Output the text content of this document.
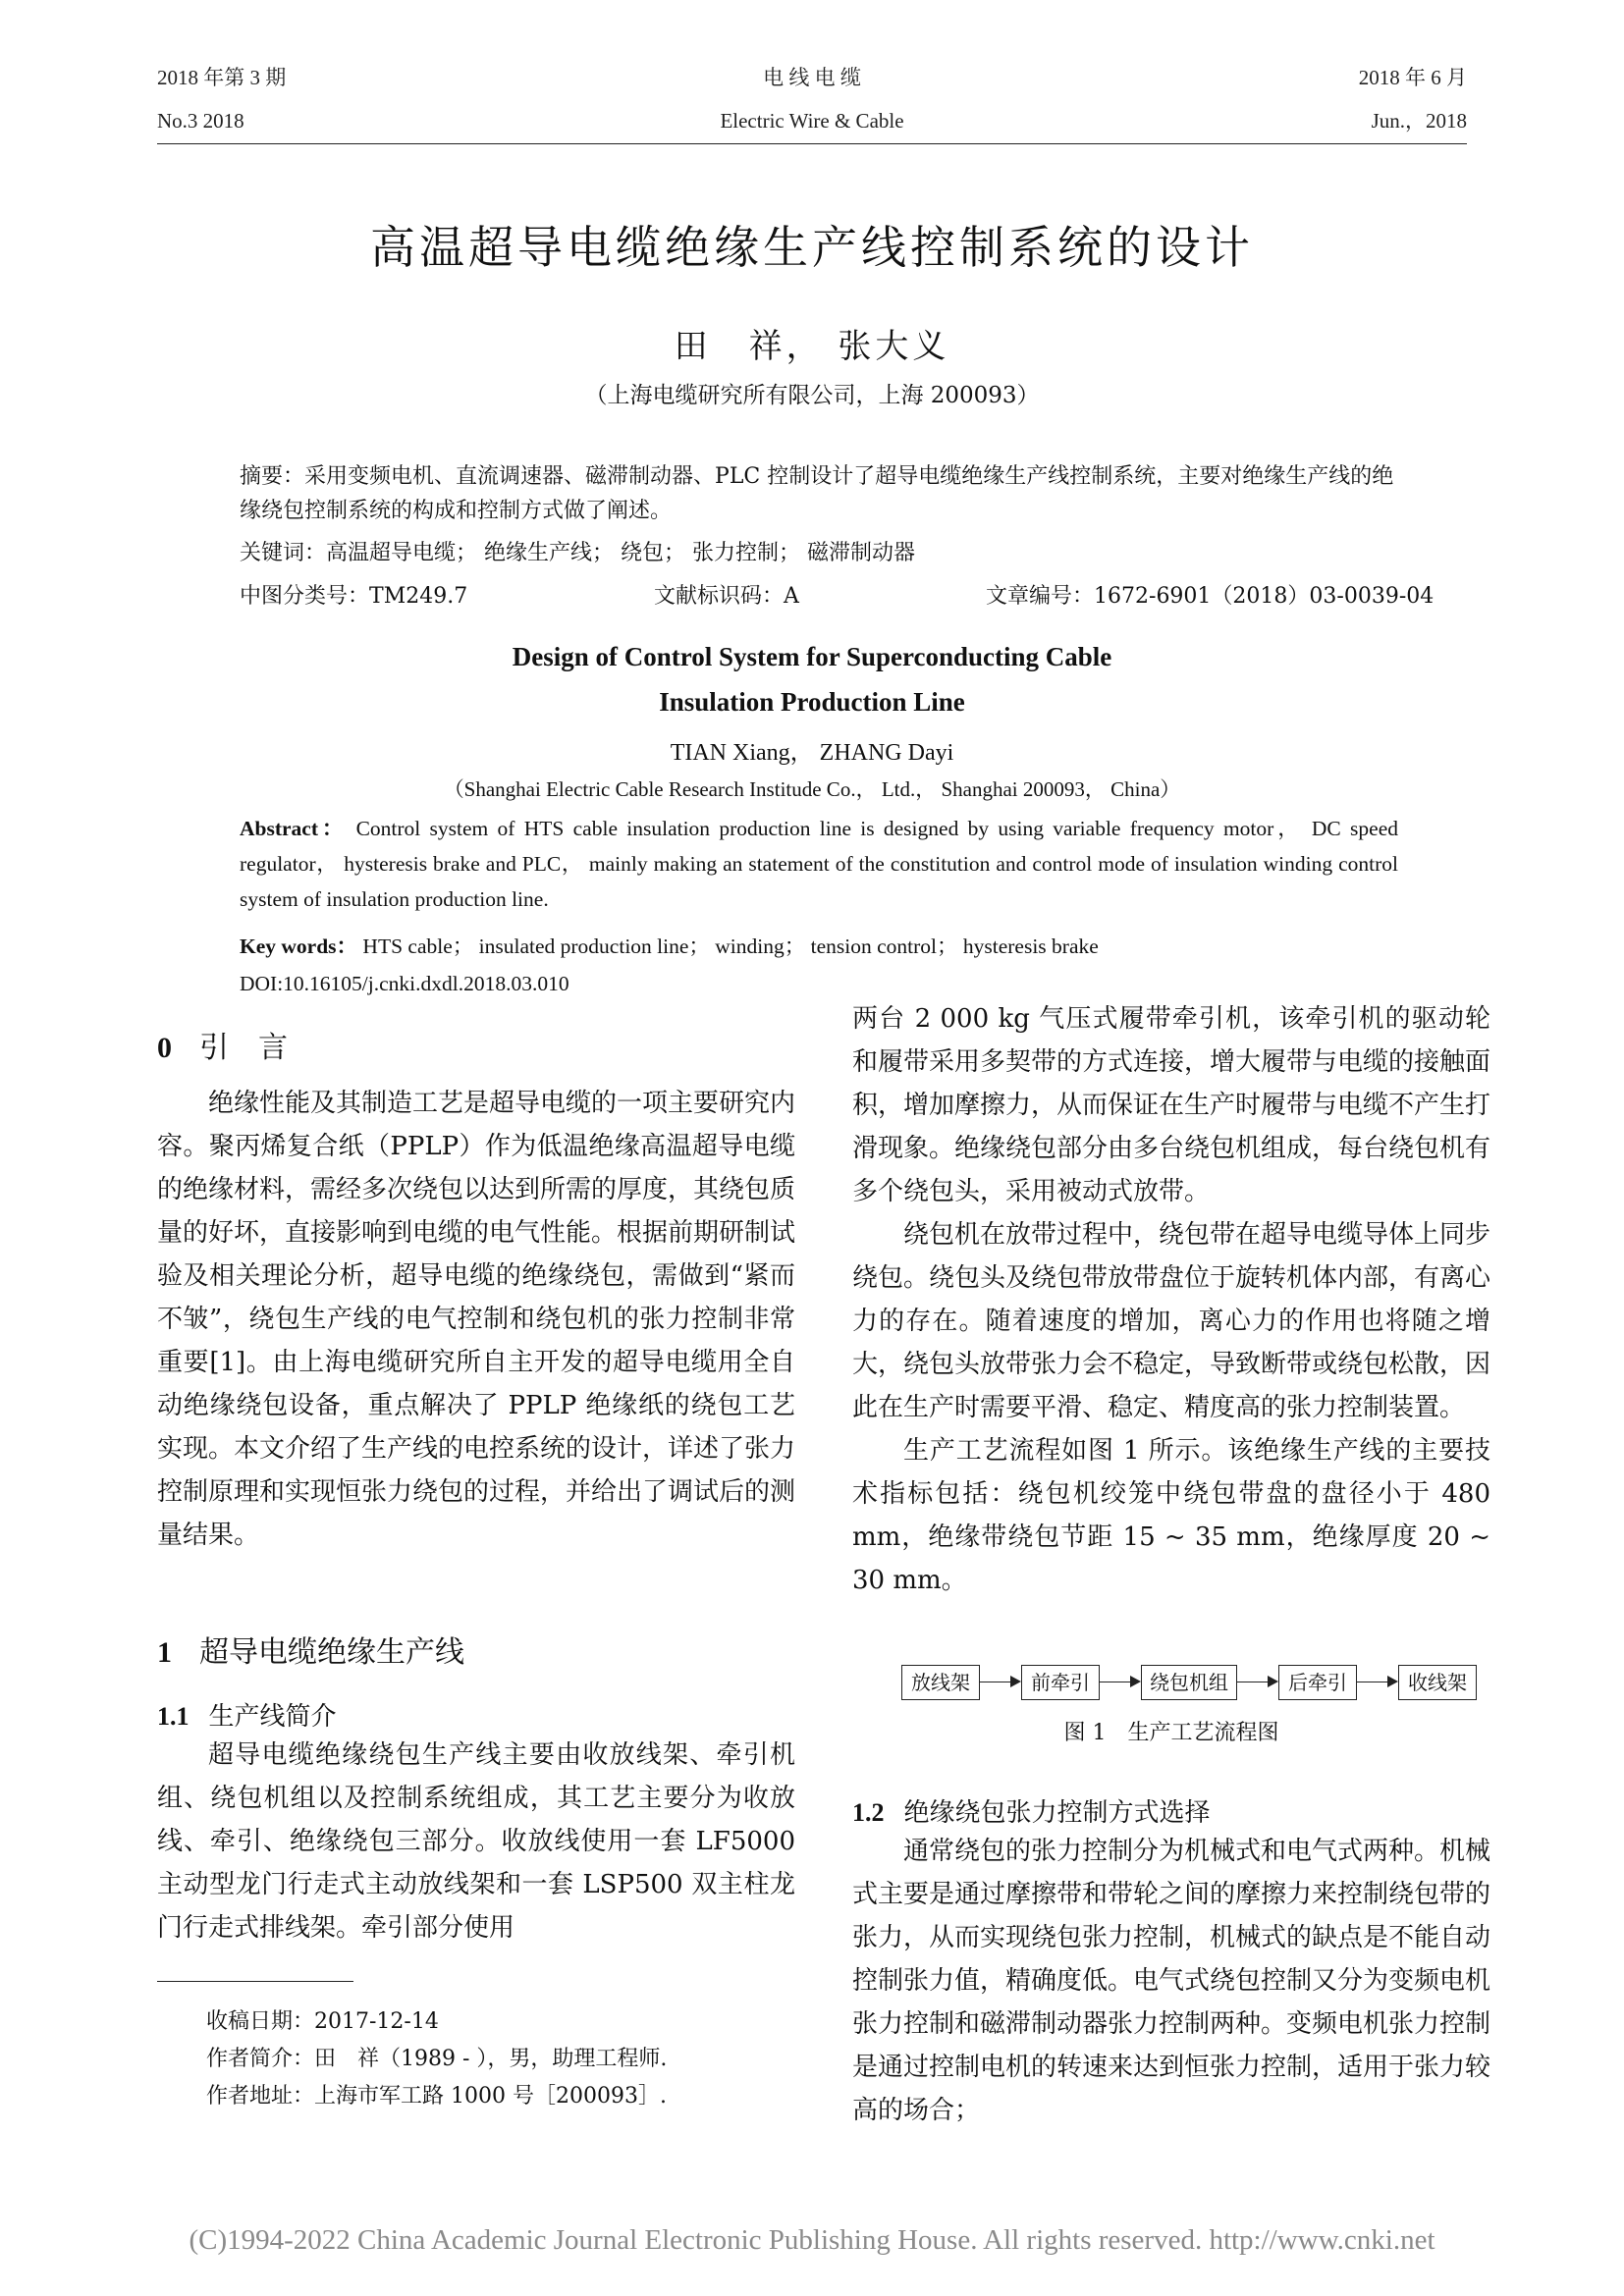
2018 年第 3 期
No.3 2018
电 线 电 缆
Electric Wire & Cable
2018 年 6 月
Jun.，2018
高温超导电缆绝缘生产线控制系统的设计
田　祥， 张大义
（上海电缆研究所有限公司，上海 200093）
摘要：采用变频电机、直流调速器、磁滞制动器、PLC 控制设计了超导电缆绝缘生产线控制系统，主要对绝缘生产线的绝缘绕包控制系统的构成和控制方式做了阐述。
关键词：高温超导电缆； 绝缘生产线； 绕包； 张力控制； 磁滞制动器
中图分类号：TM249.7	文献标识码：A	文章编号：1672-6901（2018）03-0039-04
Design of Control System for Superconducting Cable
Insulation Production Line
TIAN Xiang， ZHANG Dayi
（Shanghai Electric Cable Research Institude Co.， Ltd.， Shanghai 200093， China）
Abstract： Control system of HTS cable insulation production line is designed by using variable frequency motor， DC speed regulator， hysteresis brake and PLC， mainly making an statement of the constitution and control mode of insulation winding control system of insulation production line.
Key words： HTS cable； insulated production line； winding； tension control； hysteresis brake
DOI:10.16105/j.cnki.dxdl.2018.03.010
0 引　言

绝缘性能及其制造工艺是超导电缆的一项主要研究内容。聚丙烯复合纸（PPLP）作为低温绝缘高温超导电缆的绝缘材料，需经多次绕包以达到所需的厚度，其绕包质量的好坏，直接影响到电缆的电气性能。根据前期研制试验及相关理论分析，超导电缆的绝缘绕包，需做到“紧而不皱”，绕包生产线的电气控制和绕包机的张力控制非常重要[1]。由上海电缆研究所自主开发的超导电缆用全自动绝缘绕包设备，重点解决了 PPLP 绝缘纸的绕包工艺实现。本文介绍了生产线的电控系统的设计，详述了张力控制原理和实现恒张力绕包的过程，并给出了调试后的测量结果。

1 超导电缆绝缘生产线
1.1 生产线简介

超导电缆绝缘绕包生产线主要由收放线架、牵引机组、绕包机组以及控制系统组成，其工艺主要分为收放线、牵引、绝缘绕包三部分。收放线使用一套 LF5000 主动型龙门行走式主动放线架和一套 LSP500 双主柱龙门行走式排线架。牵引部分使用

收稿日期：2017-12-14
作者简介：田　祥（1989 - ），男，助理工程师.
作者地址：上海市军工路 1000 号［200093］.

两台 2 000 kg 气压式履带牵引机，该牵引机的驱动轮和履带采用多契带的方式连接，增大履带与电缆的接触面积，增加摩擦力，从而保证在生产时履带与电缆不产生打滑现象。绝缘绕包部分由多台绕包机组成，每台绕包机有多个绕包头，采用被动式放带。

绕包机在放带过程中，绕包带在超导电缆导体上同步绕包。绕包头及绕包带放带盘位于旋转机体内部，有离心力的存在。随着速度的增加，离心力的作用也将随之增大，绕包头放带张力会不稳定，导致断带或绕包松散，因此在生产时需要平滑、稳定、精度高的张力控制装置。

生产工艺流程如图 1 所示。该绝缘生产线的主要技术指标包括：绕包机绞笼中绕包带盘的盘径小于 480 mm，绝缘带绕包节距 15 ~ 35 mm，绝缘厚度 20 ~ 30 mm。

放线架	前牵引	绕包机组	后牵引	收线架
图 1　生产工艺流程图
1.2 绝缘绕包张力控制方式选择

通常绕包的张力控制分为机械式和电气式两种。机械式主要是通过摩擦带和带轮之间的摩擦力来控制绕包带的张力，从而实现绕包张力控制，机械式的缺点是不能自动控制张力值，精确度低。电气式绕包控制又分为变频电机张力控制和磁滞制动器张力控制两种。变频电机张力控制是通过控制电机的转速来达到恒张力控制，适用于张力较高的场合；

(C)1994-2022 China Academic Journal Electronic Publishing House. All rights reserved. http://www.cnki.net
